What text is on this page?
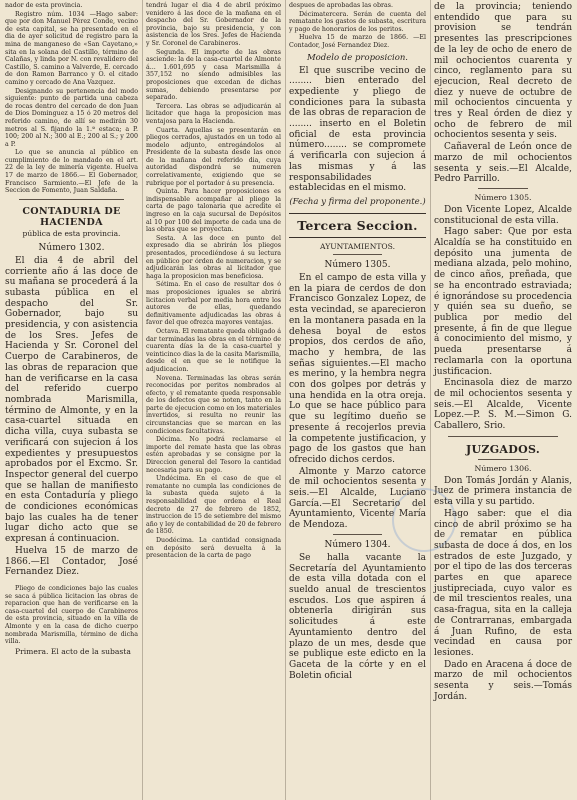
nador de esta provincia.

Registro núm. 1034 —Hago saber: que por don Manuel Pérez Conde, vecino de esta capital, se ha presentado en el dia de ayer solicitud de registro para la mina de manganeso de «San Cayetano,» sita en la solana del Castillo, término de Calañas, y linda por N. con revalidero del Castillo, S. camino a Valverde, E. cercado de don Ramon Barranco y O. el citado camino y cercado de Ana Vazquez.

Designando su pertenencia del modo siguiente: punto de partida una cabeza de rocas dentro del cercado de don Juan de Dios Dominguez a 15 ó 20 metros del referido camino, de allí se medirán 30 metros al S. fijando la 1.ª estaca; a P. 100; 200 al N.; 300 al E.; 200 al S.; y 200 a P.

Lo que se anuncia al público en cumplimiento de lo mandado en el art. 22 de la ley de minería vigente. Huelva 17 de marzo de 1866.— El Gobernador, Francisco Sarmiento.—El Jefe de la Seccion de Fomento, Juan Saldaña.

CONTADURIA DE HACIENDA
pública de esta provincia.
Número 1302.

El dia 4 de abril del corriente año á las doce de su mañana se procederá á la subasta pública en el despacho del Sr. Gobernador, bajo su presidencia, y con asistencia de los Sres. Jefes de Hacienda y Sr. Coronel del Cuerpo de Carabineros, de las obras de reparacion que han de verificarse en la casa del referido cuerpo nombrada Marismilla, término de Almonte, y en la casa-cuartel situada en dicha villa, cuya subasta se verificará con sujecion á los expedientes y presupuestos aprobados por el Excmo. Sr. Inspector general del cuerpo que se hallan de manifiesto en esta Contaduría y pliego de condiciones económicas bajo las cuales ha de tener lugar dicho acto que se expresan á continuacion.

Huelva 15 de marzo de 1866.—El Contador, José Fernandez Diez.

Pliego de condiciones bajo las cuales se saca á pública licitacion las obras de reparacion que han de verificarse en la casa-cuartel del cuerpo de Carabineros de esta provincia, situado en la villa de Almonte y en la casa de dicho cuerpo nombrada Marismilla, término de dicha villa.

Primera. El acto de la subasta

tendrá lugar el dia 4 de abril próximo venidero á las doce de la mañana en el despacho del Sr. Gobernador de la provincia, bajo su presidencia, y con asistencia de los Sres. Jefes de Hacienda y Sr. Coronel de Carabineros.

Segunda. El importe de las obras asciende: la de la casa-cuartel de Almonte á... 1.601,695 y casa Marismilla á 357,152 no siendo admisibles las proposiciones que excedan de dichas sumas, debiendo presentarse por separado.

Tercera. Las obras se adjudicarán al licitador que haga la proposicion mas ventajosa para la Hacienda.

Cuarta. Aquellas se presentarán en pliegos cerrados, ajustados en un todo al modelo adjunto, entregándolos al Presidente de la subasta desde las once de la mañana del referido dia, cuya autoridad dispondrá se numeren correlativamente, exigiendo que se rubrique por el portador á su presencia.

Quinta. Para hacer proposiciones es indispensable acompañar al pliego la carta de pago talonaria que acredite el ingreso en la caja sucursal de Depósitos al 10 por 100 del importe de cada una de las obras que se proyectan.

Sesta. A las doce en punto del expresado dia se abrirán los pliegos presentados, procediéndose á su lectura en público por órden de numeracion, y se adjudicarán las obras al licitador que haga la proposicion mas beneficiosa.

Sétima. En el caso de resultar dos ó mas proposiciones iguales se abrirá licitacion verbal por media hora entre los autores de ellas, quedando definitivamente adjudicadas las obras á favor del que ofrezca mayores ventajas.

Octava. El rematante queda obligado á dar terminadas las obras en el término de cuarenta días la de la casa-cuartel y veinticinco dias la de la casita Marismilla, desde el en que se le notifique la adjudicacion.

Novena. Terminadas las obras serán reconocidas por peritos nombrados al efecto, y el rematante queda responsable de los defectos que se noten, tanto en la parte de ejecucion como en los materiales invertidos, si resulta no reunir las circunstancias que se marcan en las condiciones facultativas.

Décima. No podrá reclamarse el importe del remate hasta que las obras estén aprobadas y se consigne por la Direccion general del Tesoro la cantidad necesaria para su pago.

Undécima. En el caso de que el rematante no cumpla las condiciones de la subasta queda sujeto á la responsabilidad que ordena el Real decreto de 27 de febrero de 1852, instruccion de 15 de setiembre del mismo año y ley de contabilidad de 20 de febrero de 1850.

Duodécima. La cantidad consignada en depósito será devuelta á la presentacion de la carta de pago

despues de aprobadas las obras.

Décimatercera. Serán de cuenta del rematante los gastos de subasta, escritura y pago de honorarios de los peritos.

Huelva 15 de marzo de 1866. —El Contador, José Fernandez Diez.

Modelo de proposicion.

El que suscribe vecino de ........ bien enterado del expediente y pliego de condiciones para la subasta de las obras de reparacion de ........ inserto en el Boletin oficial de esta provincia número........ se compromete á verificarla con sujecion á las mismas y á las responsabilidades establecidas en el mismo.

(Fecha y firma del proponente.)
Tercera Seccion.
AYUNTAMIENTOS.
Número 1305.

En el campo de esta villa y en la piara de cerdos de don Francisco Gonzalez Lopez, de esta vecindad, se aparecieron en la montanera pasada en la dehesa boyal de estos propios, dos cerdos de año, macho y hembra, de las señas siguientes.—El macho es merino, y la hembra negra con dos golpes por detrás y una hendida en la otra oreja. Lo que se hace público para que su legítimo dueño se presente á recojerlos previa la competente justificacion, y pago de los gastos que han ofrecido dichos cerdos.

Almonte y Marzo catorce de mil ochocientos sesenta y seis.—El Alcalde, Luciano García.—El Secretario del Ayuntamiento, Vicente María de Mendoza.

Número 1304.

Se halla vacante la Secretaría del Ayuntamiento de esta villa dotada con el sueldo anual de trescientos escudos. Los que aspiren á obtenerla dirigirán sus solicitudes á este Ayuntamiento dentro del plazo de un mes, desde que se publique este edicto en la Gaceta de la córte y en el Boletin oficial

de la provincia; teniendo entendido que para su provision se tendrán presentes las prescripciones de la ley de ocho de enero de mil ochocientos cuarenta y cinco, reglamento para su ejecucion, Real decreto de diez y nueve de octubre de mil ochocientos cincuenta y tres y Real órden de diez y ocho de febrero de mil ochocientos sesenta y seis.

Cañaveral de León once de marzo de mil ochocientos sesenta y seis.—El Alcalde, Pedro Parrillo.

Número 1305.

Don Vicente Lopez, Alcalde constitucional de esta villa.

Hago saber: Que por esta Alcaldía se ha constituido en depósito una jumenta de mediana alzada, pelo mohino, de cinco años, preñada, que se ha encontrado estraviada; é ignorándose su procedencia y quién sea su dueño, se publica por medio del presente, á fin de que llegue á conocimiento del mismo, y pueda presentarse á reclamarla con la oportuna justificacion.

Encinasola diez de marzo de mil ochocientos sesenta y seis.—El Alcalde, Vicente Lopez.—P. S. M.—Simon G. Caballero, Srio.

JUZGADOS.
Número 1306.

Don Tomás Jordán y Alanis, Juez de primera instancia de esta villa y su partido.

Hago saber: que el dia cinco de abril próximo se ha de rematar en pública subasta de doce á dos, en los estrados de este Juzgado, y por el tipo de las dos terceras partes en que aparece justipreciada, cuyo valor es de mil trescientos reales, una casa-fragua, sita en la calleja de Contrarranas, embargada á Juan Rufino, de esta vecindad en causa por lesiones.

Dado en Aracena á doce de marzo de mil ochocientos sesenta y seis.—Tomás Jordán.
